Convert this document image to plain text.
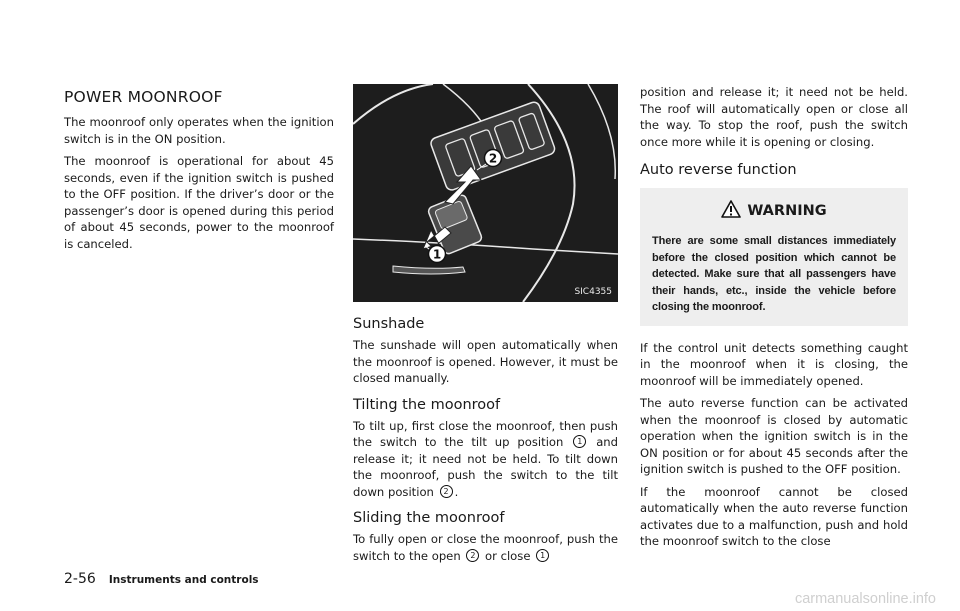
POWER MOONROOF

The moonroof only operates when the ignition switch is in the ON position.

The moonroof is operational for about 45 seconds, even if the ignition switch is pushed to the OFF position. If the driver’s door or the passenger’s door is opened during this period of about 45 seconds, power to the moonroof is canceled.

2
1
SIC4355
Sunshade

The sunshade will open automatically when the moonroof is opened. However, it must be closed manually.

Tilting the moonroof

To tilt up, first close the moonroof, then push the switch to the tilt up position 1 and release it; it need not be held. To tilt down the moonroof, push the switch to the tilt down position 2 .

Sliding the moonroof

To fully open or close the moonroof, push the switch to the open 2 or close 1

position and release it; it need not be held. The roof will automatically open or close all the way. To stop the roof, push the switch once more while it is opening or closing.

Auto reverse function
WARNING

There are some small distances immediately before the closed position which cannot be detected. Make sure that all passengers have their hands, etc., inside the vehicle before closing the moonroof.

If the control unit detects something caught in the moonroof when it is closing, the moonroof will be immediately opened.

The auto reverse function can be activated when the moonroof is closed by automatic operation when the ignition switch is in the ON position or for about 45 seconds after the ignition switch is pushed to the OFF position.

If the moonroof cannot be closed automatically when the auto reverse function activates due to a malfunction, push and hold the moonroof switch to the close

2-56 Instruments and controls
carmanualsonline.info
